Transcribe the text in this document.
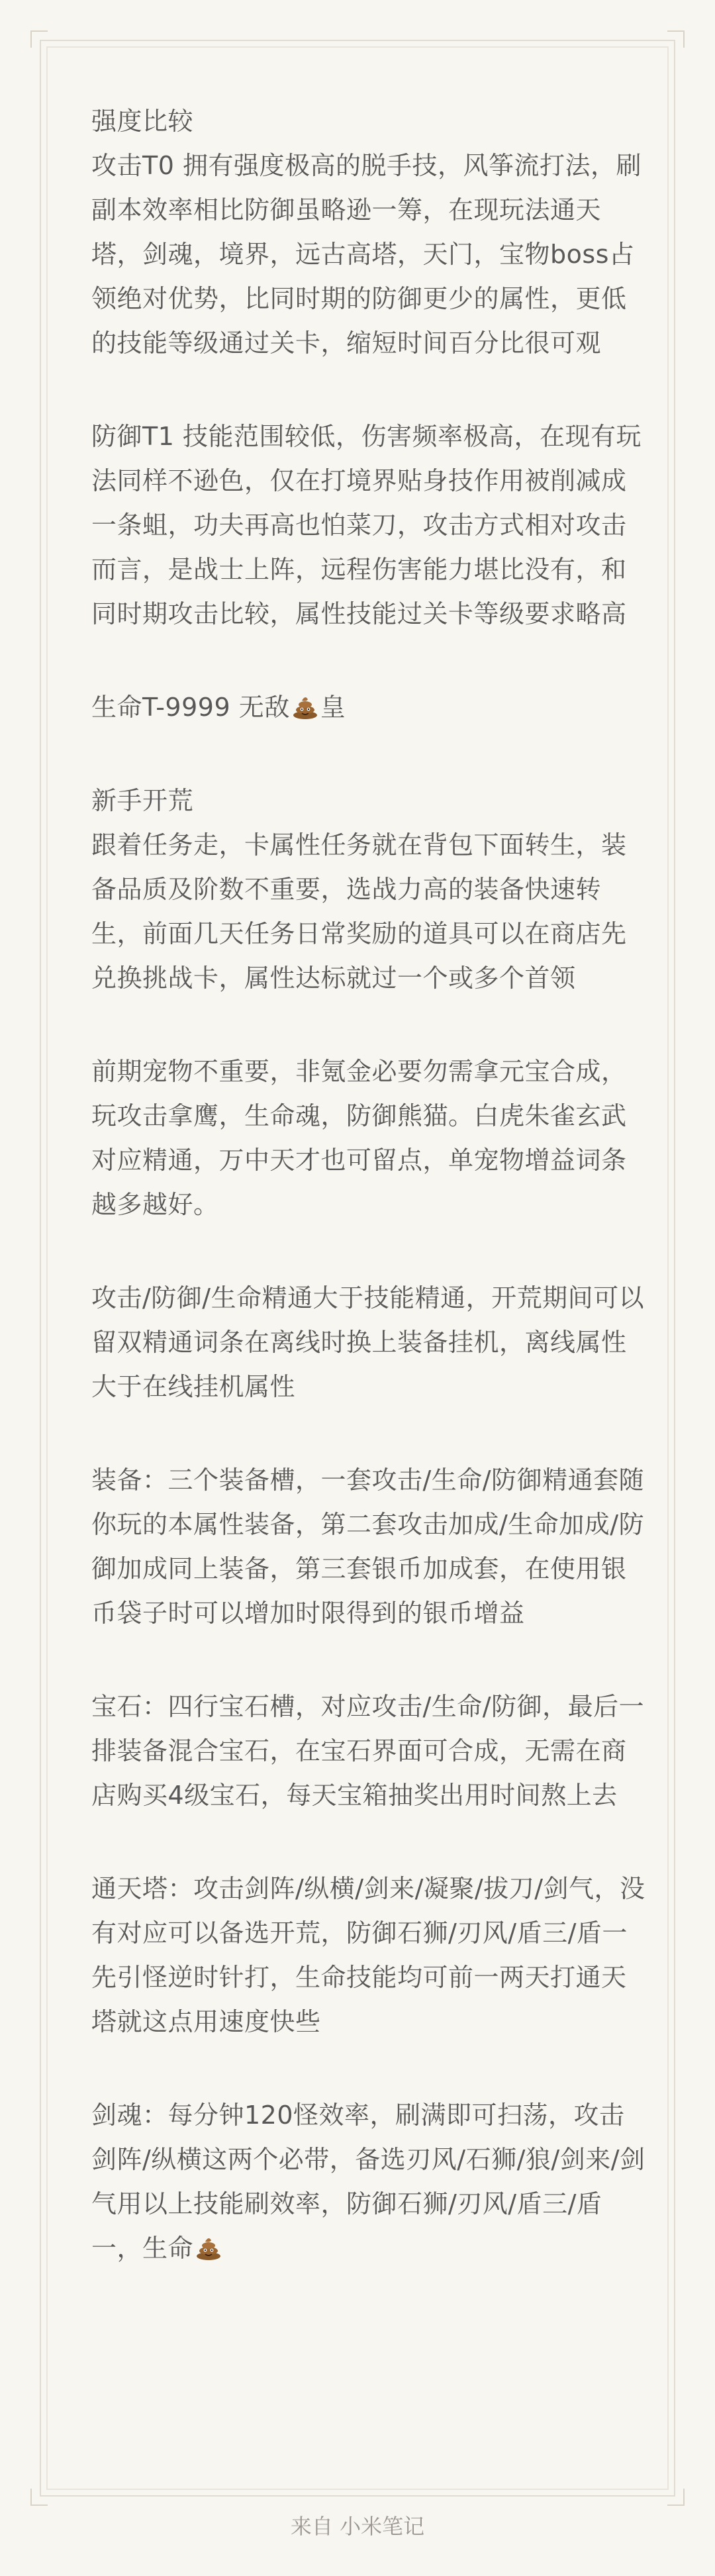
强度比较

攻击T0 拥有强度极高的脱手技，风筝流打法，刷副本效率相比防御虽略逊一筹，在现玩法通天塔，剑魂，境界，远古高塔，天门，宝物boss占领绝对优势，比同时期的防御更少的属性，更低的技能等级通过关卡，缩短时间百分比很可观

防御T1 技能范围较低，伤害频率极高，在现有玩法同样不逊色，仅在打境界贴身技作用被削减成一条蛆，功夫再高也怕菜刀，攻击方式相对攻击而言，是战士上阵，远程伤害能力堪比没有，和同时期攻击比较，属性技能过关卡等级要求略高

生命T-9999 无敌 皇

新手开荒

跟着任务走，卡属性任务就在背包下面转生，装备品质及阶数不重要，选战力高的装备快速转生，前面几天任务日常奖励的道具可以在商店先兑换挑战卡，属性达标就过一个或多个首领

前期宠物不重要，非氪金必要勿需拿元宝合成，玩攻击拿鹰，生命魂，防御熊猫。白虎朱雀玄武对应精通，万中天才也可留点，单宠物增益词条越多越好。

攻击/防御/生命精通大于技能精通，开荒期间可以留双精通词条在离线时换上装备挂机，离线属性大于在线挂机属性

装备：三个装备槽，一套攻击/生命/防御精通套随你玩的本属性装备，第二套攻击加成/生命加成/防御加成同上装备，第三套银币加成套，在使用银币袋子时可以增加时限得到的银币增益

宝石：四行宝石槽，对应攻击/生命/防御，最后一排装备混合宝石，在宝石界面可合成，无需在商店购买4级宝石，每天宝箱抽奖出用时间熬上去

通天塔：攻击剑阵/纵横/剑来/凝聚/拔刀/剑气，没有对应可以备选开荒，防御石狮/刃风/盾三/盾一先引怪逆时针打，生命技能均可前一两天打通天塔就这点用速度快些

剑魂：每分钟120怪效率，刷满即可扫荡，攻击剑阵/纵横这两个必带，备选刃风/石狮/狼/剑来/剑气用以上技能刷效率，防御石狮/刃风/盾三/盾一，生命

来自 小米笔记
